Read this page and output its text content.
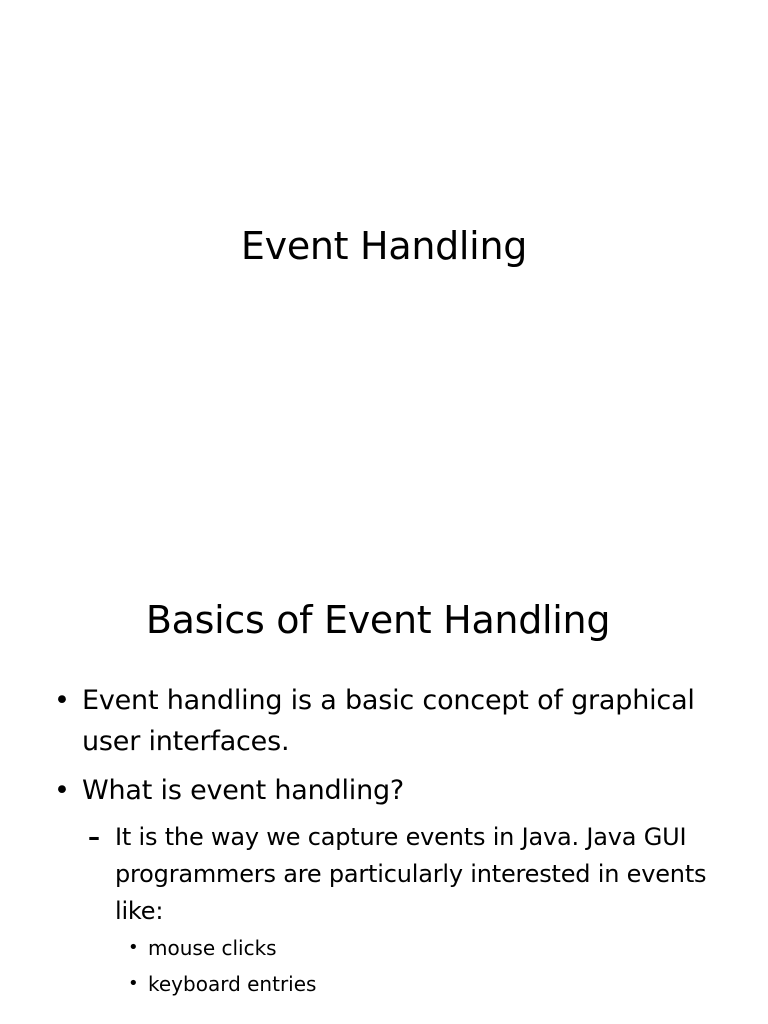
Event Handling
Basics of Event Handling
• Event handling is a basic concept of graphical user interfaces.
• What is event handling?
– It is the way we capture events in Java. Java GUI programmers are particularly interested in events like:
• mouse clicks
• keyboard entries
